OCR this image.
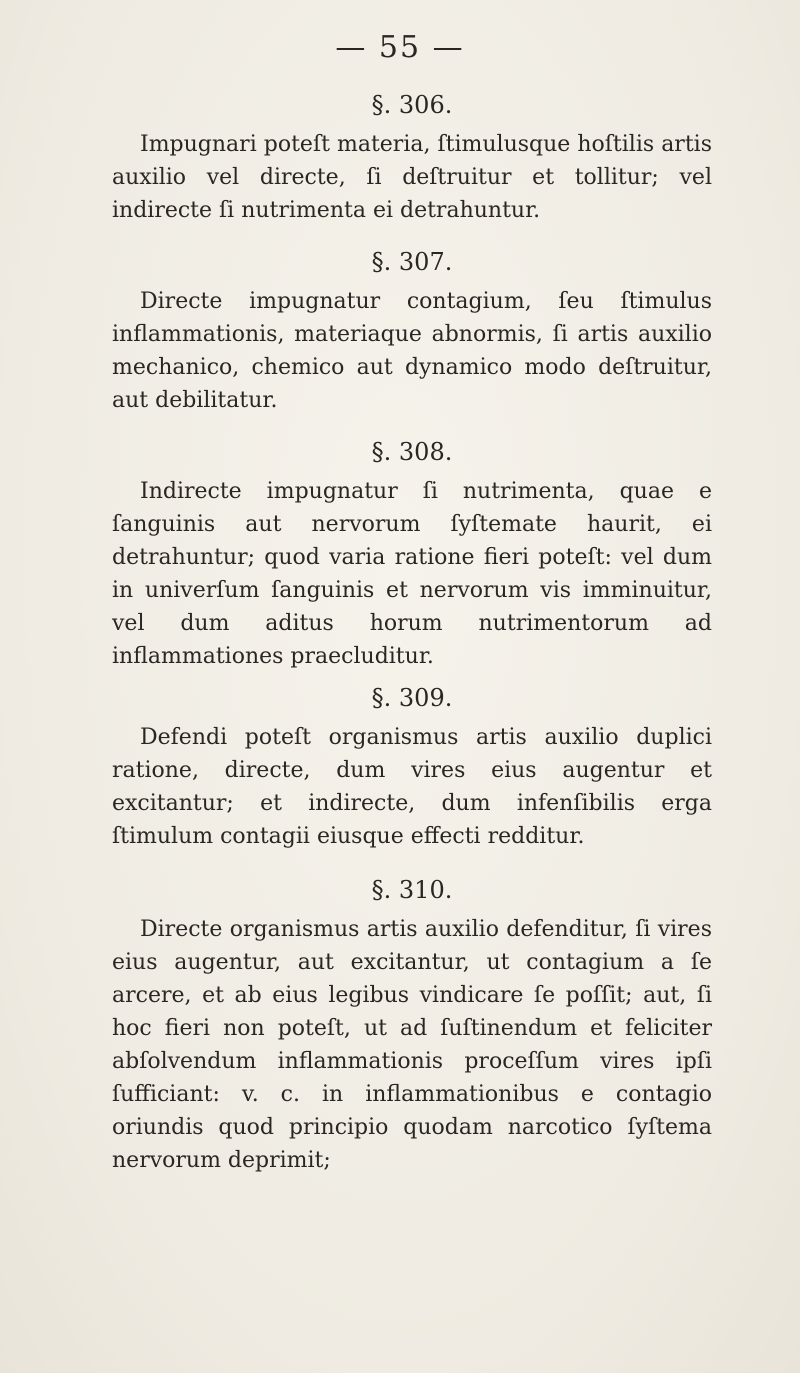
— 55 —
§. 306.

Impugnari poteſt materia, ſtimulusque hoſtilis artis auxilio vel directe, ſi deſtruitur et tollitur; vel indirecte ſi nutrimenta ei detrahuntur.

§. 307.

Directe impugnatur contagium, ſeu ſtimulus inflammationis, materiaque abnormis, ſi artis auxilio mechanico, chemico aut dynamico modo deſtruitur, aut debilitatur.

§. 308.

Indirecte impugnatur ſi nutrimenta, quae e ſanguinis aut nervorum ſyſtemate haurit, ei detrahuntur; quod varia ratione fieri poteſt: vel dum in univerſum ſanguinis et nervorum vis imminuitur, vel dum aditus horum nutrimentorum ad inflammationes praecluditur.

§. 309.

Defendi poteſt organismus artis auxilio duplici ratione, directe, dum vires eius augentur et excitantur; et indirecte, dum infenſibilis erga ſtimulum contagii eiusque effecti redditur.

§. 310.

Directe organismus artis auxilio defenditur, ſi vires eius augentur, aut excitantur, ut contagium a ſe arcere, et ab eius legibus vindicare ſe poſſit; aut, ſi hoc fieri non poteſt, ut ad ſuſtinendum et feliciter abſolvendum inflammationis proceſſum vires ipſi ſufficiant: v. c. in inflammationibus e contagio oriundis quod principio quodam narcotico ſyſtema nervorum deprimit;
